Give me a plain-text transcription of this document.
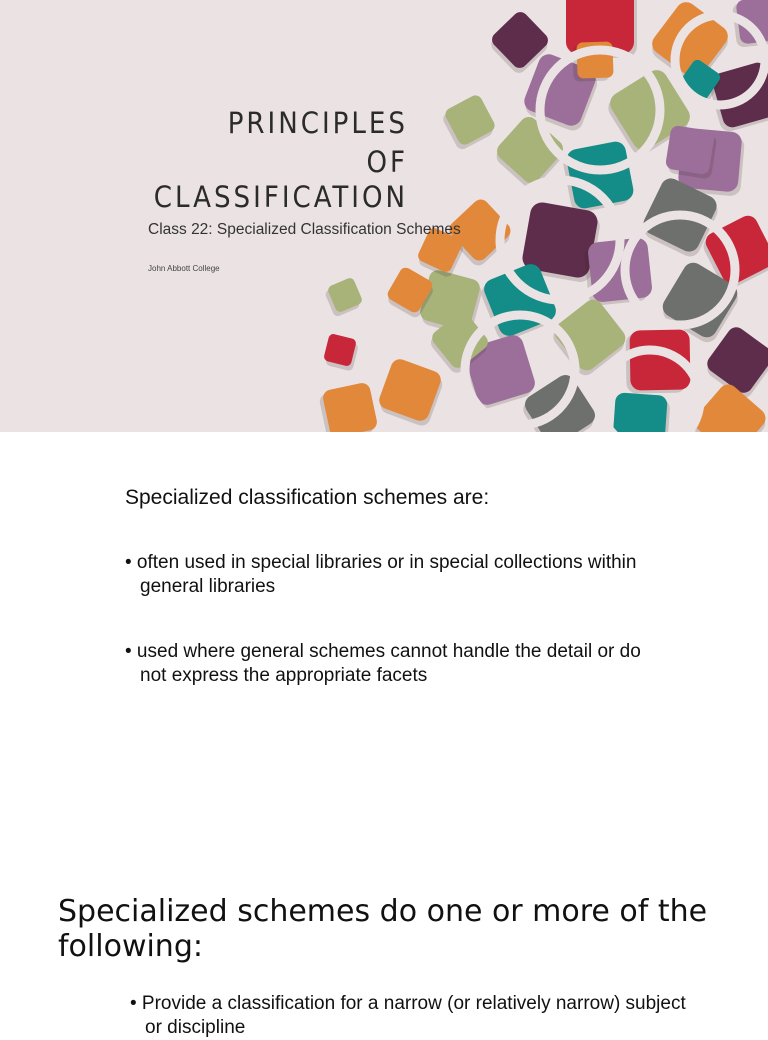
PRINCIPLES
OF
CLASSIFICATION

Class 22: Specialized Classification Schemes

John Abbott College

Specialized classification schemes are:

• often used in special libraries or in special collections within general libraries

• used where general schemes cannot handle the detail or do not express the appropriate facets

Specialized schemes do one or more of the following:

• Provide a classification for a narrow (or relatively narrow) subject or discipline
